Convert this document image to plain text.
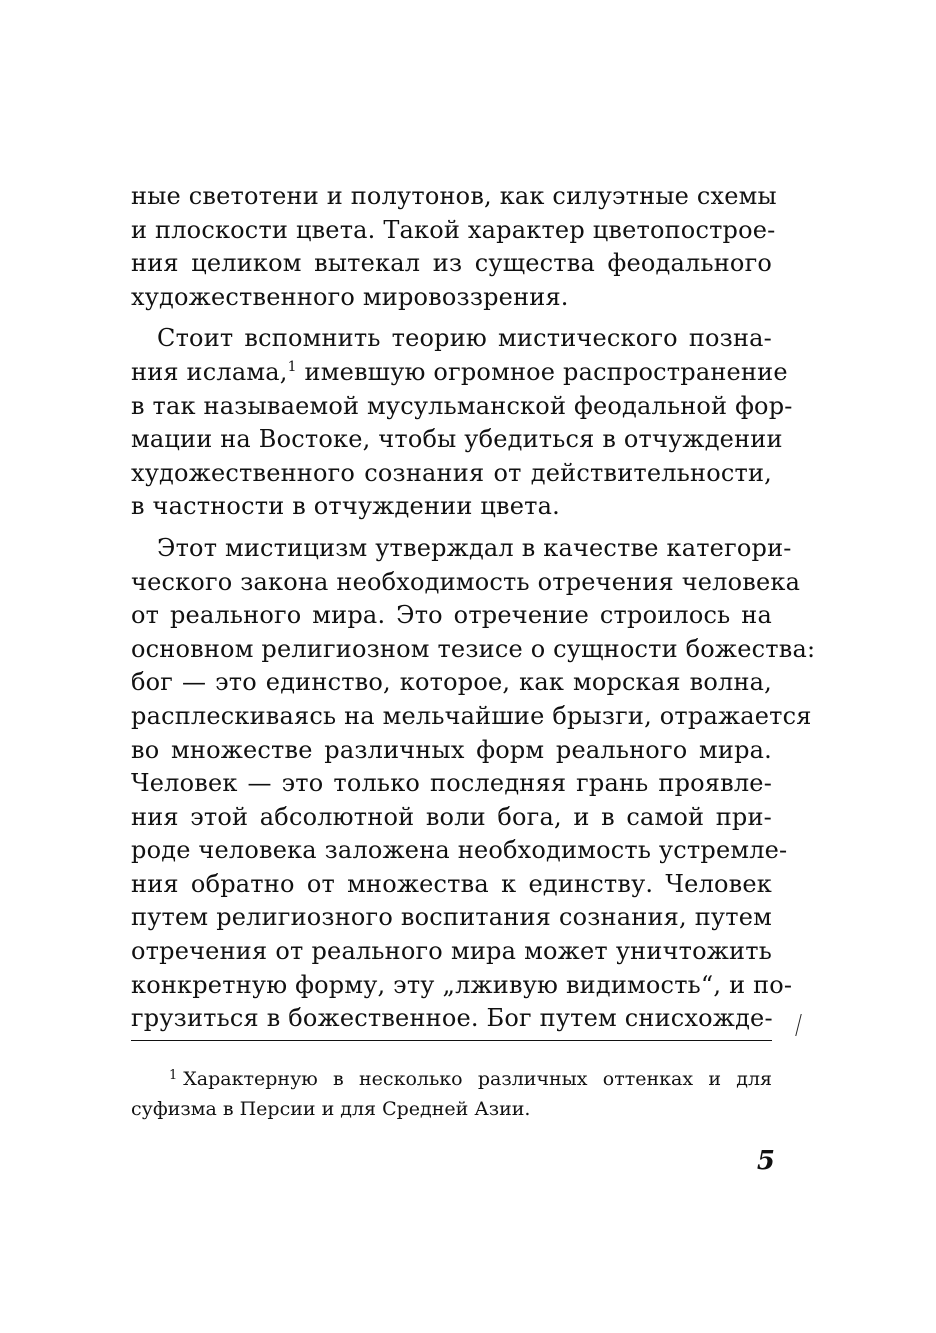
ные светотени и полутонов, как силуэтные схемы
и плоскости цвета. Такой характер цветопострое-
ния целиком вытекал из существа феодального
художественного мировоззрения.
Стоит вспомнить теорию мистического позна-
ния ислама,$^1$ имевшую огромное распространение
в так называемой мусульманской феодальной фор-
мации на Востоке, чтобы убедиться в отчуждении
художественного сознания от действительности,
в частности в отчуждении цвета.
Этот мистицизм утверждал в качестве категори-
ческого закона необходимость отречения человека
от реального мира. Это отречение строилось на
основном религиозном тезисе о сущности божества:
бог — это единство, которое, как морская волна,
расплескиваясь на мельчайшие брызги, отражается
во множестве различных форм реального мира.
Человек — это только последняя грань проявле-
ния этой абсолютной воли бога, и в самой при-
роде человека заложена необходимость устремле-
ния обратно от множества к единству. Человек
путем религиозного воспитания сознания, путем
отречения от реального мира может уничтожить
конкретную форму, эту „лживую видимость“, и по-
грузиться в божественное. Бог путем снисхожде-
$^1$ Характерную в несколько различных оттенках и для
суфизма в Персии и для Средней Азии.
5
